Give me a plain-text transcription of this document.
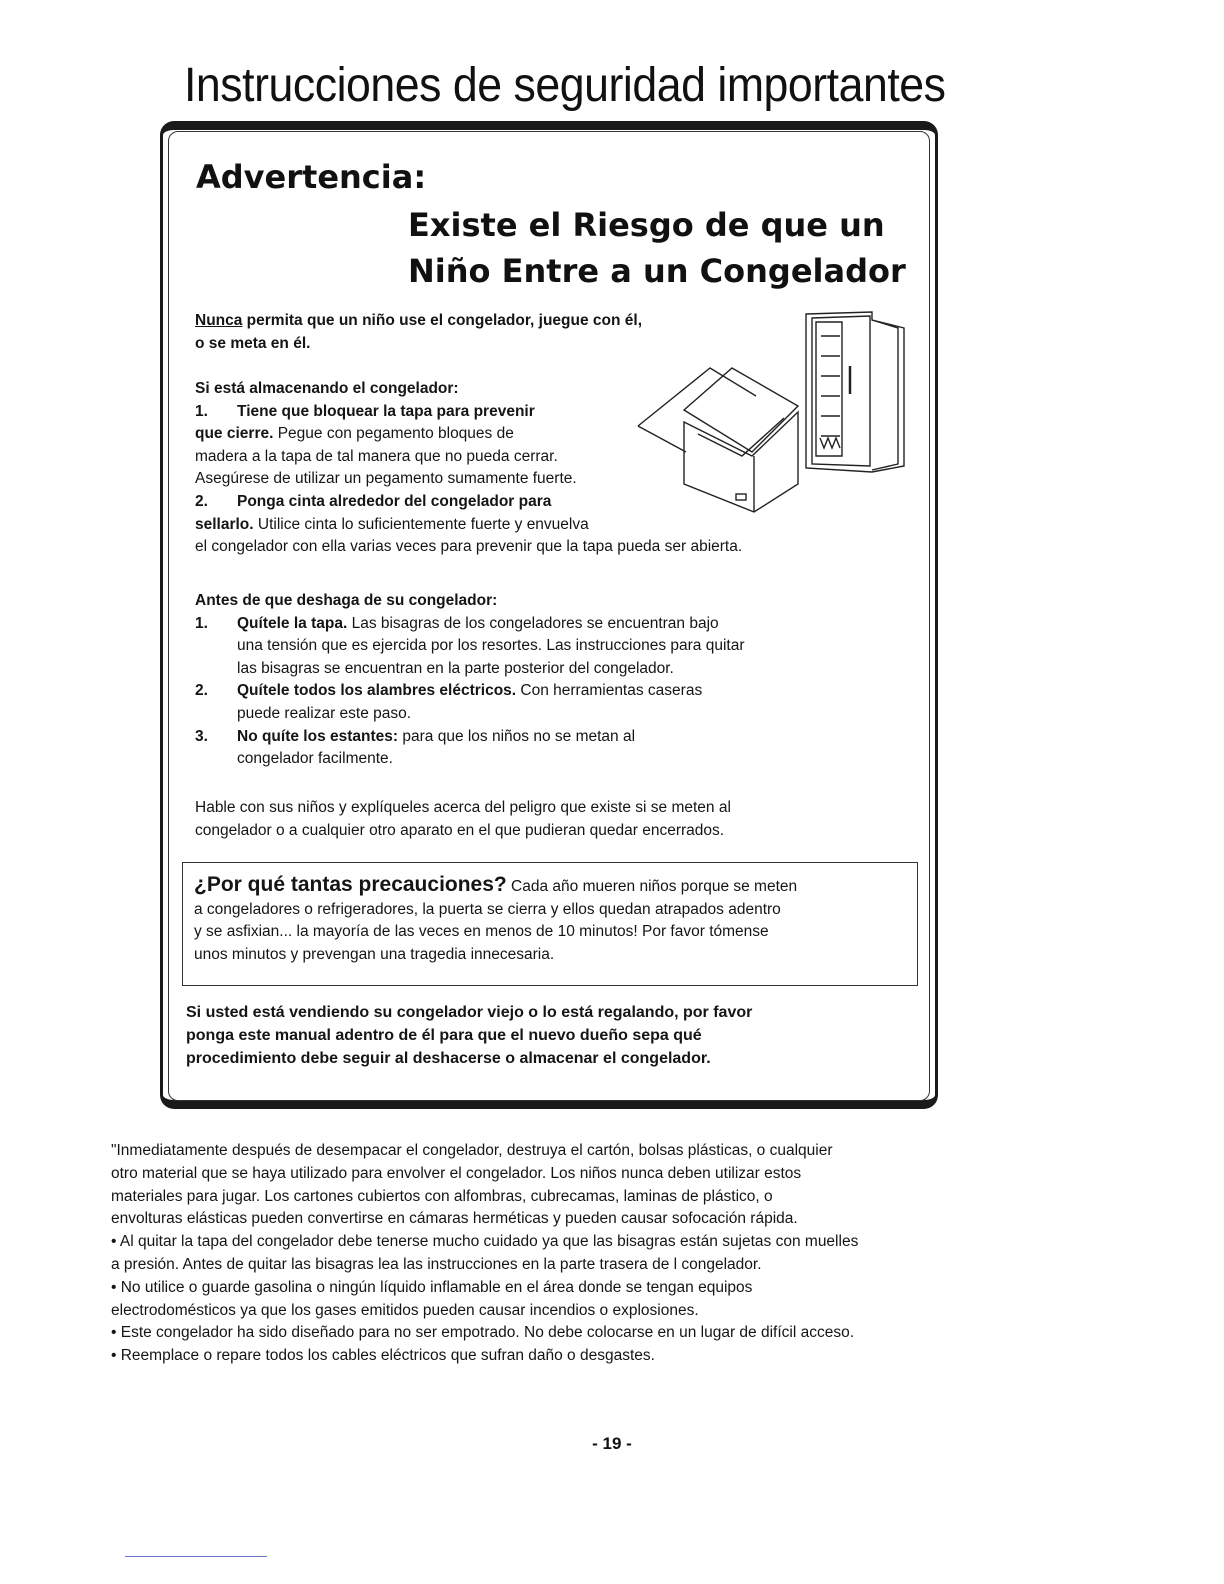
Instrucciones de seguridad importantes
Advertencia:
Existe el Riesgo de que un
Niño Entre a un Congelador

Nunca permita que un niño use el congelador, juegue con él,
o se meta en él.

Si está almacenando el congelador:
1. Tiene que bloquear la tapa para prevenir
que cierre. Pegue con pegamento bloques de
madera a la tapa de tal manera que no pueda cerrar.
Asegúrese de utilizar un pegamento sumamente fuerte.
2. Ponga cinta alrededor del congelador para
sellarlo. Utilice cinta lo suficientemente fuerte y envuelva
el congelador con ella varias veces para prevenir que la tapa pueda ser abierta.
Antes de que deshaga de su congelador:
1. Quítele la tapa. Las bisagras de los congeladores se encuentran bajo
una tensión que es ejercida por los resortes. Las instrucciones para quitar
las bisagras se encuentran en la parte posterior del congelador.
2. Quítele todos los alambres eléctricos. Con herramientas caseras
puede realizar este paso.
3. No quíte los estantes: para que los niños no se metan al
congelador facilmente.

Hable con sus niños y explíqueles acerca del peligro que existe si se meten al
congelador o a cualquier otro aparato en el que pudieran quedar encerrados.

¿Por qué tantas precauciones? Cada año mueren niños porque se meten
a congeladores o refrigeradores, la puerta se cierra y ellos quedan atrapados adentro
y se asfixian... la mayoría de las veces en menos de 10 minutos! Por favor tómense
unos minutos y prevengan una tragedia innecesaria.

Si usted está vendiendo su congelador viejo o lo está regalando, por favor
ponga este manual adentro de él para que el nuevo dueño sepa qué
procedimiento debe seguir al deshacerse o almacenar el congelador.

"Inmediatamente después de desempacar el congelador, destruya el cartón, bolsas plásticas, o cualquier
otro material que se haya utilizado para envolver el congelador. Los niños nunca deben utilizar estos
materiales para jugar. Los cartones cubiertos con alfombras, cubrecamas, laminas de plástico, o
envolturas elásticas pueden convertirse en cámaras herméticas y pueden causar sofocación rápida.

• Al quitar la tapa del congelador debe tenerse mucho cuidado ya que las bisagras están sujetas con muelles
a presión. Antes de quitar las bisagras lea las instrucciones en la parte trasera de l congelador.

• No utilice o guarde gasolina o ningún líquido inflamable en el área donde se tengan equipos
electrodomésticos ya que los gases emitidos pueden causar incendios o explosiones.

• Este congelador ha sido diseñado para no ser empotrado. No debe colocarse en un lugar de difícil acceso.

• Reemplace o repare todos los cables eléctricos que sufran daño o desgastes.

- 19 -
